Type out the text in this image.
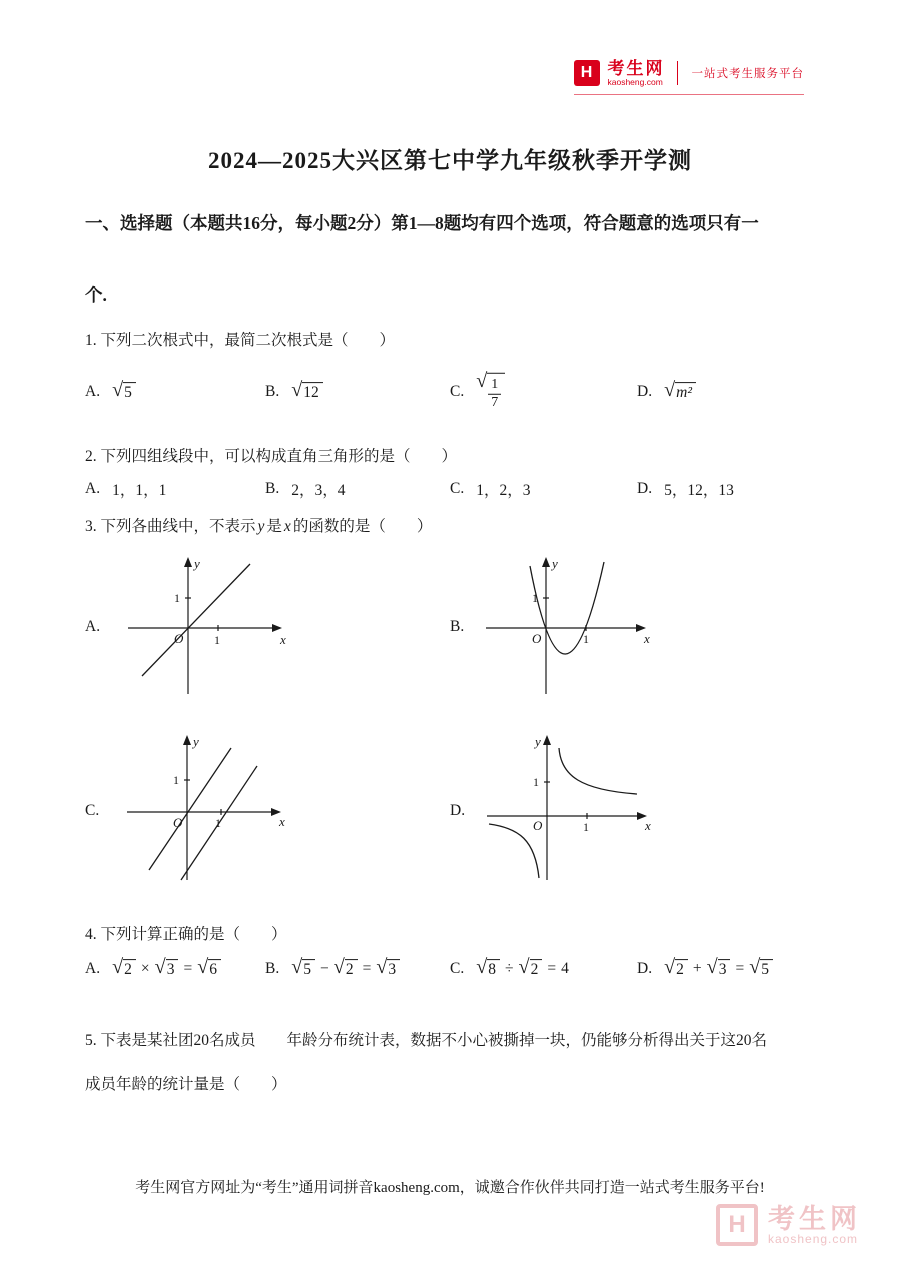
H 考生网
kaosheng.com
一站式考生服务平台
2024—2025大兴区第七中学九年级秋季开学测
一、选择题（本题共16分，每小题2分）第1—8题均有四个选项，符合题意的选项只有一
个.
1. 下列二次根式中，最简二次根式是（　　）
A. √ 5	B. √ 12	C. √ $\frac{1}{7}$	D. √ m²
2. 下列四组线段中，可以构成直角三角形的是（　　）
A. 1，1，1	B. 2，3，4	C. 1，2，3	D. 5，12，13
3. 下列各曲线中，不表示 y 是 x 的函数的是（　　）
A.
1
1
O
y
x
B.
1
1
O
y
x
C.
1
1
O
y
x
D.
1
1
O
y
x
4. 下列计算正确的是（　　）
A. √ 2 × √ 3 = √ 6	B. √ 5 − √ 2 = √ 3	C. √ 8 ÷ √ 2 = 4	D. √ 2 + √ 3 = √ 5
5. 下表是某社团20名成员　　年龄分布统计表，数据不小心被撕掉一块，仍能够分析得出关于这20名
成员年龄的统计量是（　　）
考生网官方网址为“考生”通用词拼音kaosheng.com，诚邀合作伙伴共同打造一站式考生服务平台!
H 考生网
kaosheng.com
